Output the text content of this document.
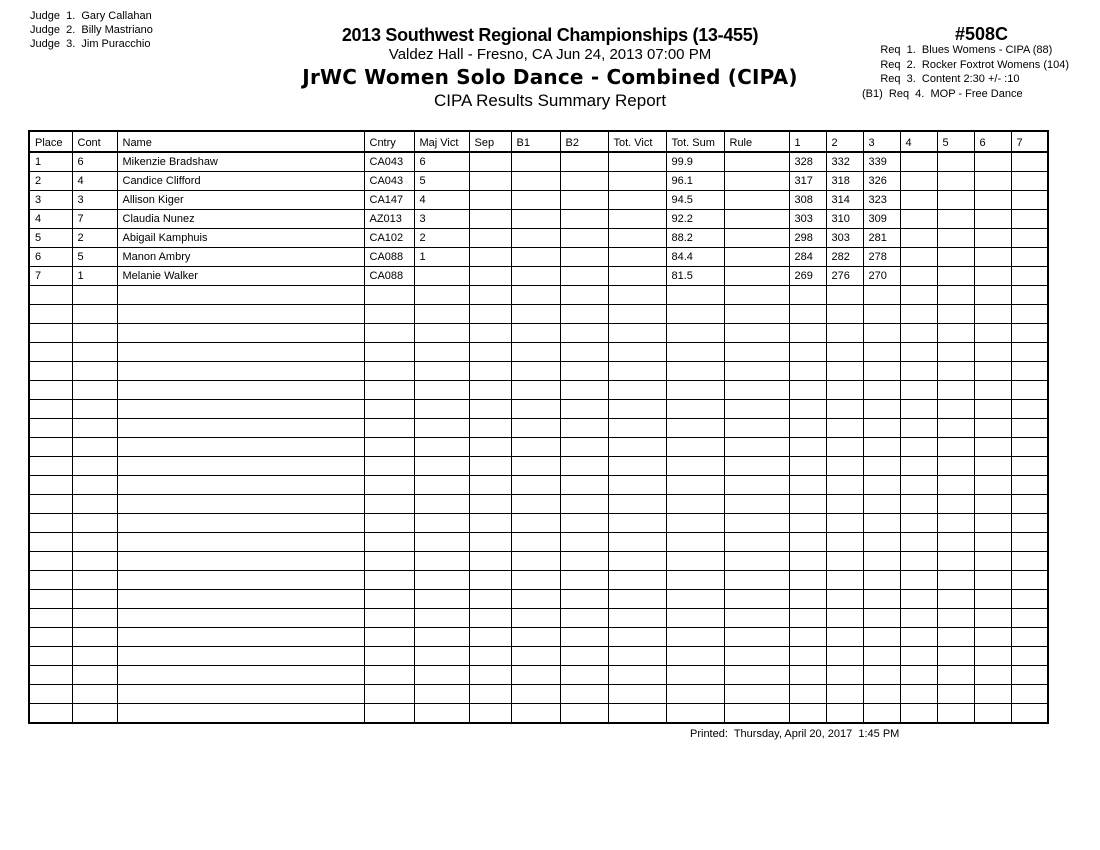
Judge  1.  Gary Callahan
Judge  2.  Billy Mastriano
Judge  3.  Jim Puracchio	2013 Southwest Regional Championships (13-455)
Valdez Hall - Fresno, CA Jun 24, 2013 07:00 PM
JrWC Women Solo Dance - Combined (CIPA)
CIPA Results Summary Report
#508C
Req  1.  Blues Womens - CIPA (88)
Req  2.  Rocker Foxtrot Womens (104)
Req  3.  Content 2:30 +/- :10
(B1)  Req  4.  MOP - Free Dance
Place	Cont	Name	Cntry	Maj Vict	Sep	B1	B2	Tot. Vict	Tot. Sum	Rule	1	2	3	4	5	6	7
1	6	Mikenzie Bradshaw	CA043	6					99.9		328	332	339				
2	4	Candice Clifford	CA043	5					96.1		317	318	326				
3	3	Allison Kiger	CA147	4					94.5		308	314	323				
4	7	Claudia Nunez	AZ013	3					92.2		303	310	309				
5	2	Abigail Kamphuis	CA102	2					88.2		298	303	281				
6	5	Manon Ambry	CA088	1					84.4		284	282	278				
7	1	Melanie Walker	CA088						81.5		269	276	270				

Printed:  Thursday, April 20, 2017  1:45 PM
